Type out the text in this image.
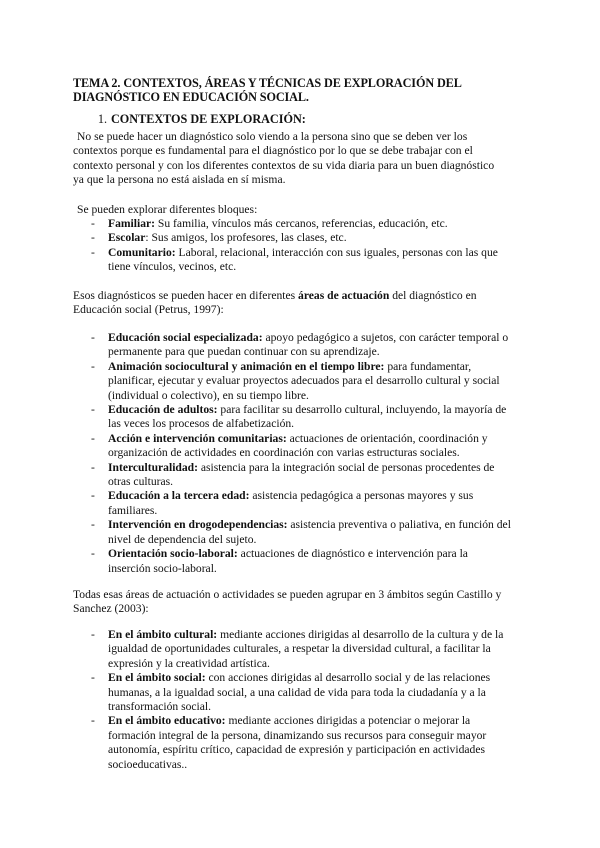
TEMA 2. CONTEXTOS, ÁREAS Y TÉCNICAS DE EXPLORACIÓN DEL DIAGNÓSTICO EN EDUCACIÓN SOCIAL.
1. CONTEXTOS DE EXPLORACIÓN:

No se puede hacer un diagnóstico solo viendo a la persona sino que se deben ver los contextos porque es fundamental para el diagnóstico por lo que se debe trabajar con el contexto personal y con los diferentes contextos de su vida diaria para un buen diagnóstico ya que la persona no está aislada en sí misma.

Se pueden explorar diferentes bloques:

- Familiar: Su familia, vínculos más cercanos, referencias, educación, etc.
- Escolar: Sus amigos, los profesores, las clases, etc.
- Comunitario: Laboral, relacional, interacción con sus iguales, personas con las que tiene vínculos, vecinos, etc.

Esos diagnósticos se pueden hacer en diferentes áreas de actuación del diagnóstico en Educación social (Petrus, 1997):

- Educación social especializada: apoyo pedagógico a sujetos, con carácter temporal o permanente para que puedan continuar con su aprendizaje.
- Animación sociocultural y animación en el tiempo libre: para fundamentar, planificar, ejecutar y evaluar proyectos adecuados para el desarrollo cultural y social (individual o colectivo), en su tiempo libre.
- Educación de adultos: para facilitar su desarrollo cultural, incluyendo, la mayoría de las veces los procesos de alfabetización.
- Acción e intervención comunitarias: actuaciones de orientación, coordinación y organización de actividades en coordinación con varias estructuras sociales.
- Interculturalidad: asistencia para la integración social de personas procedentes de otras culturas.
- Educación a la tercera edad: asistencia pedagógica a personas mayores y sus familiares.
- Intervención en drogodependencias: asistencia preventiva o paliativa, en función del nivel de dependencia del sujeto.
- Orientación socio-laboral: actuaciones de diagnóstico e intervención para la inserción socio-laboral.

Todas esas áreas de actuación o actividades se pueden agrupar en 3 ámbitos según Castillo y Sanchez (2003):

- En el ámbito cultural: mediante acciones dirigidas al desarrollo de la cultura y de la igualdad de oportunidades culturales, a respetar la diversidad cultural, a facilitar la expresión y la creatividad artística.
- En el ámbito social: con acciones dirigidas al desarrollo social y de las relaciones humanas, a la igualdad social, a una calidad de vida para toda la ciudadanía y a la transformación social.
- En el ámbito educativo: mediante acciones dirigidas a potenciar o mejorar la formación integral de la persona, dinamizando sus recursos para conseguir mayor autonomía, espíritu crítico, capacidad de expresión y participación en actividades socioeducativas..
